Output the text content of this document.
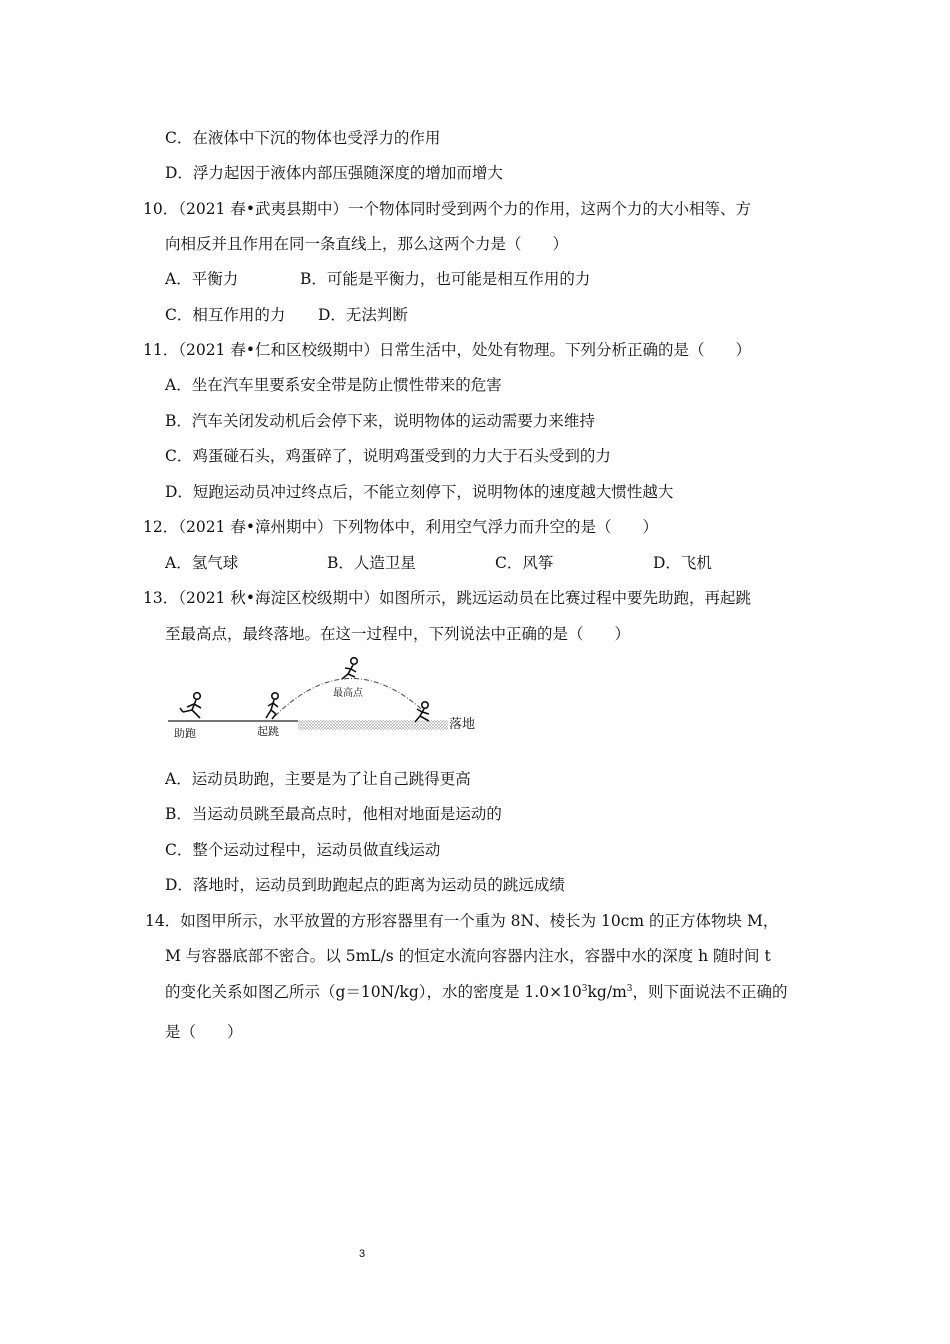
C．在液体中下沉的物体也受浮力的作用
D．浮力起因于液体内部压强随深度的增加而增大
10．（2021 春•武夷县期中）一个物体同时受到两个力的作用，这两个力的大小相等、方
向相反并且作用在同一条直线上，那么这两个力是（　　）
A．平衡力	B．可能是平衡力，也可能是相互作用的力
C．相互作用的力 D．无法判断
11．（2021 春•仁和区校级期中）日常生活中，处处有物理。下列分析正确的是（　　）
A．坐在汽车里要系安全带是防止惯性带来的危害
B．汽车关闭发动机后会停下来，说明物体的运动需要力来维持
C．鸡蛋碰石头，鸡蛋碎了，说明鸡蛋受到的力大于石头受到的力
D．短跑运动员冲过终点后，不能立刻停下，说明物体的速度越大惯性越大
12．（2021 春•漳州期中）下列物体中，利用空气浮力而升空的是（　　）
A．氢气球	B．人造卫星	C．风筝	D．飞机
13．（2021 秋•海淀区校级期中）如图所示，跳远运动员在比赛过程中要先助跑，再起跳
至最高点，最终落地。在这一过程中，下列说法中正确的是（　　）
助跑	起跳
最高点
落地
A．运动员助跑，主要是为了让自己跳得更高
B．当运动员跳至最高点时，他相对地面是运动的
C．整个运动过程中，运动员做直线运动
D．落地时，运动员到助跑起点的距离为运动员的跳远成绩
14．如图甲所示，水平放置的方形容器里有一个重为 8N、棱长为 10cm 的正方体物块 M，
M 与容器底部不密合。以 5mL/s 的恒定水流向容器内注水，容器中水的深度 h 随时间 t
的变化关系如图乙所示（g＝10N/kg），水的密度是 $1.0\times 10^3kg/m^3$，则下面说法不正确的
是（　　）
3
